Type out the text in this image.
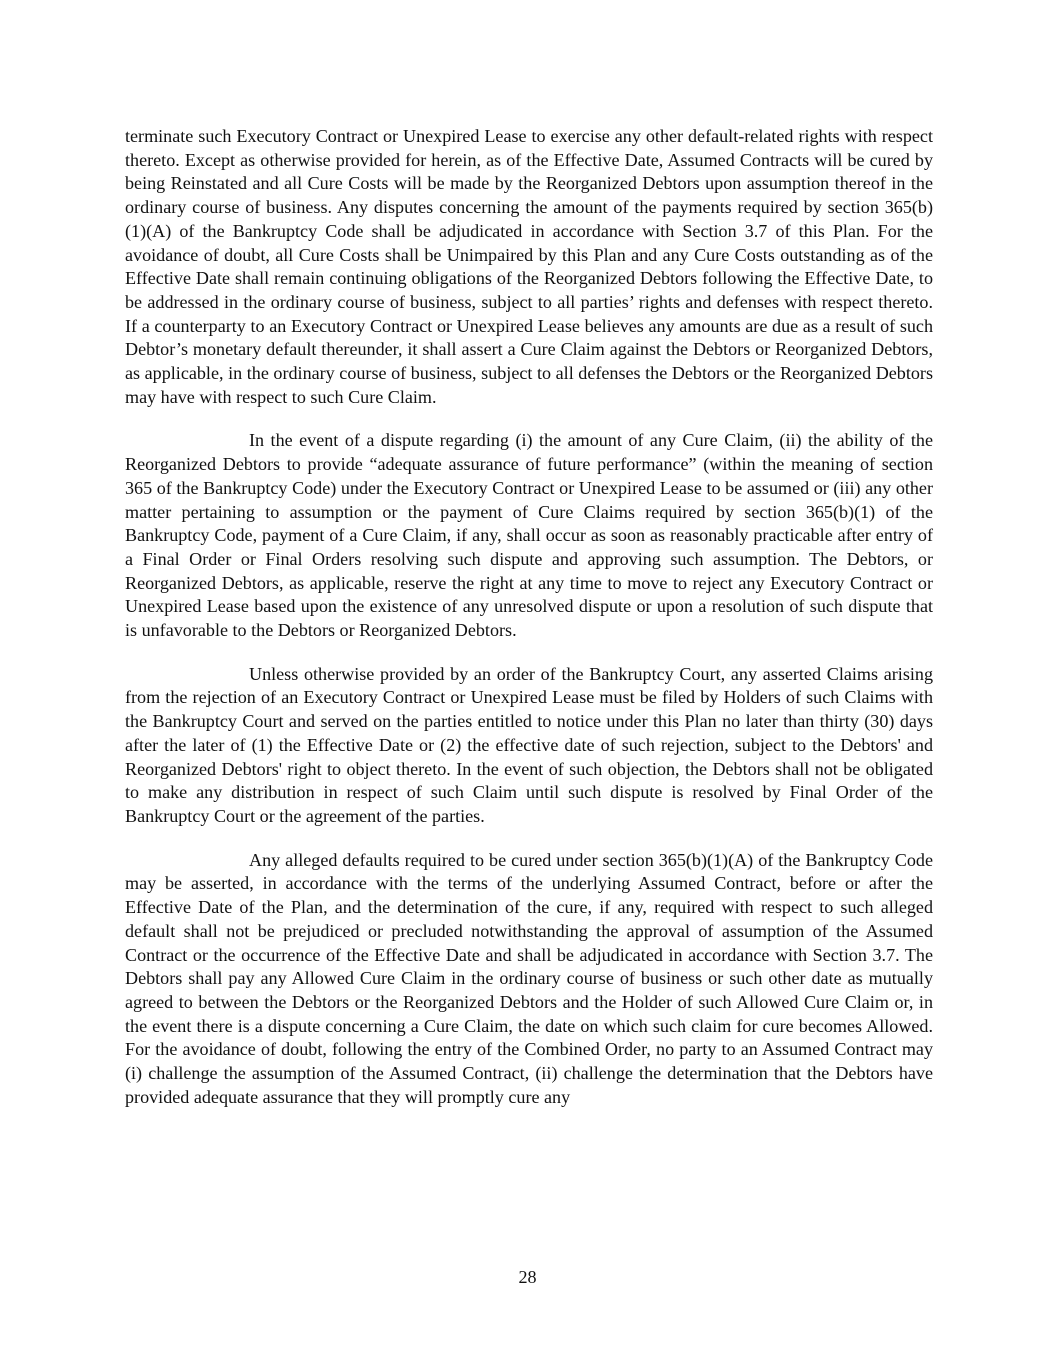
terminate such Executory Contract or Unexpired Lease to exercise any other default-related rights with respect thereto. Except as otherwise provided for herein, as of the Effective Date, Assumed Contracts will be cured by being Reinstated and all Cure Costs will be made by the Reorganized Debtors upon assumption thereof in the ordinary course of business. Any disputes concerning the amount of the payments required by section 365(b)(1)(A) of the Bankruptcy Code shall be adjudicated in accordance with Section 3.7 of this Plan. For the avoidance of doubt, all Cure Costs shall be Unimpaired by this Plan and any Cure Costs outstanding as of the Effective Date shall remain continuing obligations of the Reorganized Debtors following the Effective Date, to be addressed in the ordinary course of business, subject to all parties’ rights and defenses with respect thereto. If a counterparty to an Executory Contract or Unexpired Lease believes any amounts are due as a result of such Debtor’s monetary default thereunder, it shall assert a Cure Claim against the Debtors or Reorganized Debtors, as applicable, in the ordinary course of business, subject to all defenses the Debtors or the Reorganized Debtors may have with respect to such Cure Claim.

In the event of a dispute regarding (i) the amount of any Cure Claim, (ii) the ability of the Reorganized Debtors to provide “adequate assurance of future performance” (within the meaning of section 365 of the Bankruptcy Code) under the Executory Contract or Unexpired Lease to be assumed or (iii) any other matter pertaining to assumption or the payment of Cure Claims required by section 365(b)(1) of the Bankruptcy Code, payment of a Cure Claim, if any, shall occur as soon as reasonably practicable after entry of a Final Order or Final Orders resolving such dispute and approving such assumption. The Debtors, or Reorganized Debtors, as applicable, reserve the right at any time to move to reject any Executory Contract or Unexpired Lease based upon the existence of any unresolved dispute or upon a resolution of such dispute that is unfavorable to the Debtors or Reorganized Debtors.

Unless otherwise provided by an order of the Bankruptcy Court, any asserted Claims arising from the rejection of an Executory Contract or Unexpired Lease must be filed by Holders of such Claims with the Bankruptcy Court and served on the parties entitled to notice under this Plan no later than thirty (30) days after the later of (1) the Effective Date or (2) the effective date of such rejection, subject to the Debtors' and Reorganized Debtors' right to object thereto. In the event of such objection, the Debtors shall not be obligated to make any distribution in respect of such Claim until such dispute is resolved by Final Order of the Bankruptcy Court or the agreement of the parties.

Any alleged defaults required to be cured under section 365(b)(1)(A) of the Bankruptcy Code may be asserted, in accordance with the terms of the underlying Assumed Contract, before or after the Effective Date of the Plan, and the determination of the cure, if any, required with respect to such alleged default shall not be prejudiced or precluded notwithstanding the approval of assumption of the Assumed Contract or the occurrence of the Effective Date and shall be adjudicated in accordance with Section 3.7. The Debtors shall pay any Allowed Cure Claim in the ordinary course of business or such other date as mutually agreed to between the Debtors or the Reorganized Debtors and the Holder of such Allowed Cure Claim or, in the event there is a dispute concerning a Cure Claim, the date on which such claim for cure becomes Allowed. For the avoidance of doubt, following the entry of the Combined Order, no party to an Assumed Contract may (i) challenge the assumption of the Assumed Contract, (ii) challenge the determination that the Debtors have provided adequate assurance that they will promptly cure any

28
